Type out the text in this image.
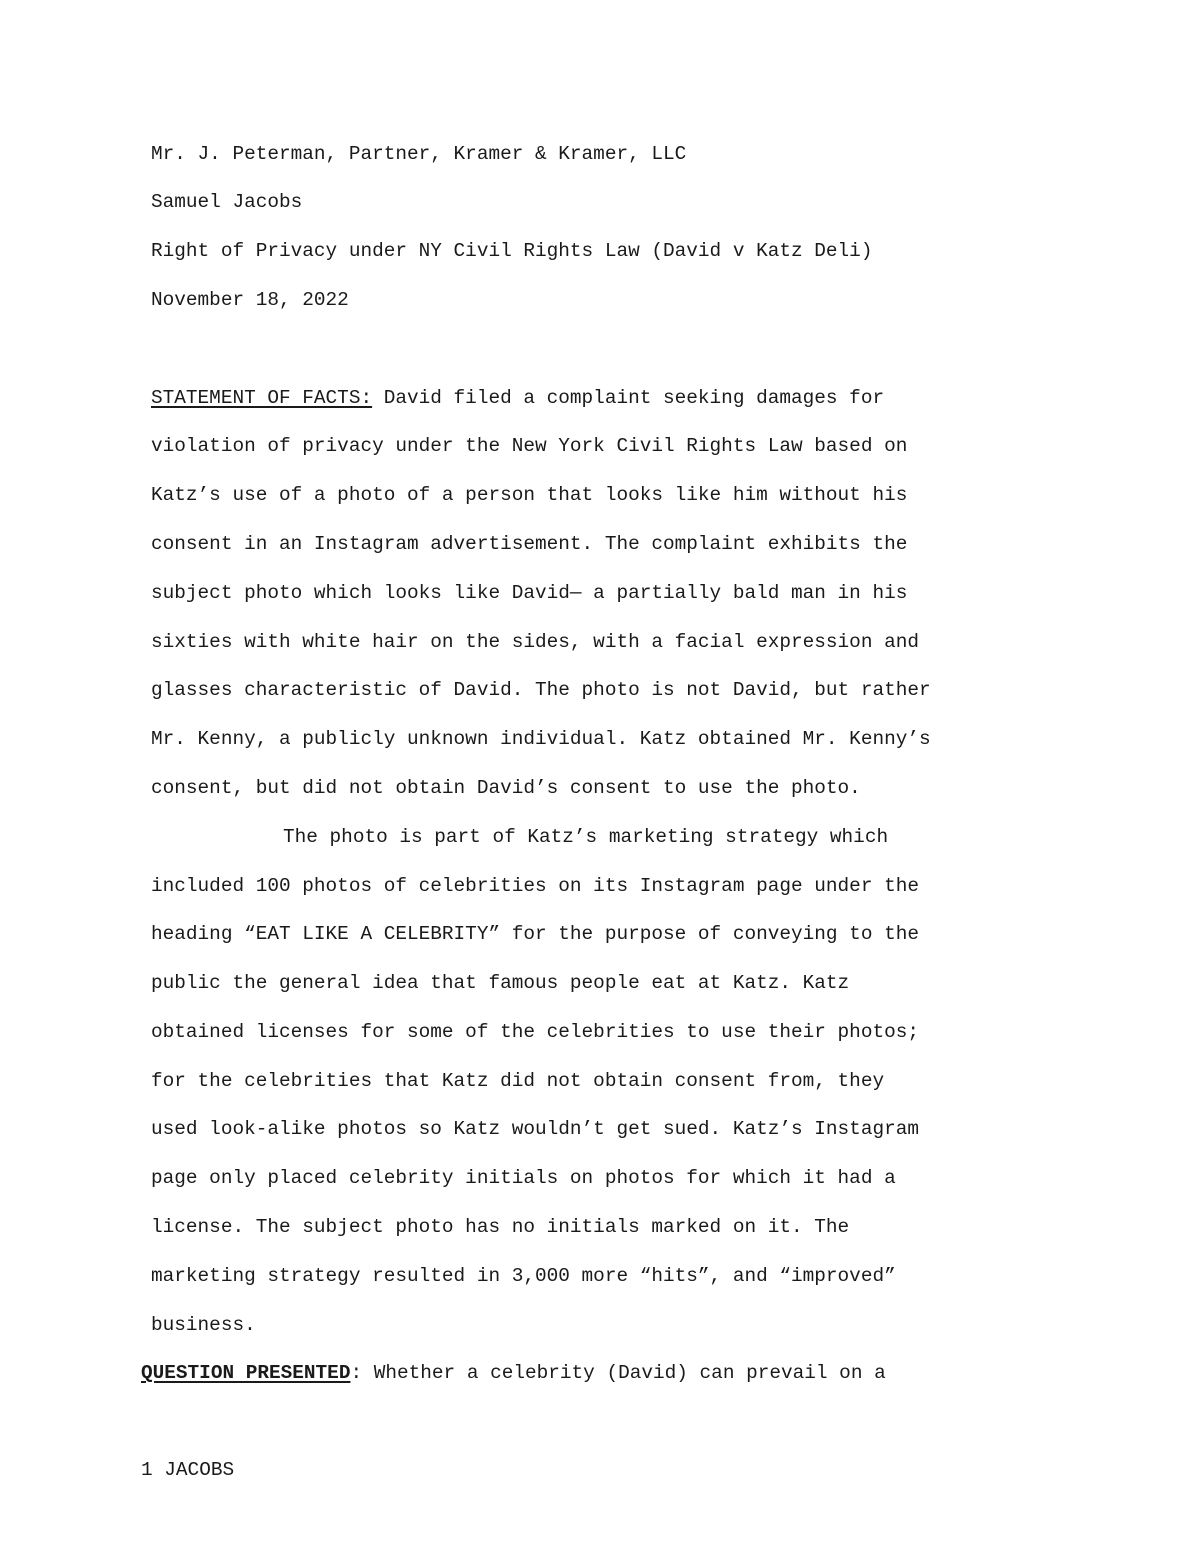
Mr. J. Peterman, Partner, Kramer & Kramer, LLC
Samuel Jacobs
Right of Privacy under NY Civil Rights Law (David v Katz Deli)
November 18, 2022
STATEMENT OF FACTS: David filed a complaint seeking damages for
violation of privacy under the New York Civil Rights Law based on
Katz’s use of a photo of a person that looks like him without his
consent in an Instagram advertisement. The complaint exhibits the
subject photo which looks like David— a partially bald man in his
sixties with white hair on the sides, with a facial expression and
glasses characteristic of David. The photo is not David, but rather
Mr. Kenny, a publicly unknown individual. Katz obtained Mr. Kenny’s
consent, but did not obtain David’s consent to use the photo.
The photo is part of Katz’s marketing strategy which
included 100 photos of celebrities on its Instagram page under the
heading “EAT LIKE A CELEBRITY” for the purpose of conveying to the
public the general idea that famous people eat at Katz. Katz
obtained licenses for some of the celebrities to use their photos;
for the celebrities that Katz did not obtain consent from, they
used look-alike photos so Katz wouldn’t get sued. Katz’s Instagram
page only placed celebrity initials on photos for which it had a
license. The subject photo has no initials marked on it. The
marketing strategy resulted in 3,000 more “hits”, and “improved”
business.
QUESTION PRESENTED: Whether a celebrity (David) can prevail on a
1 JACOBS
